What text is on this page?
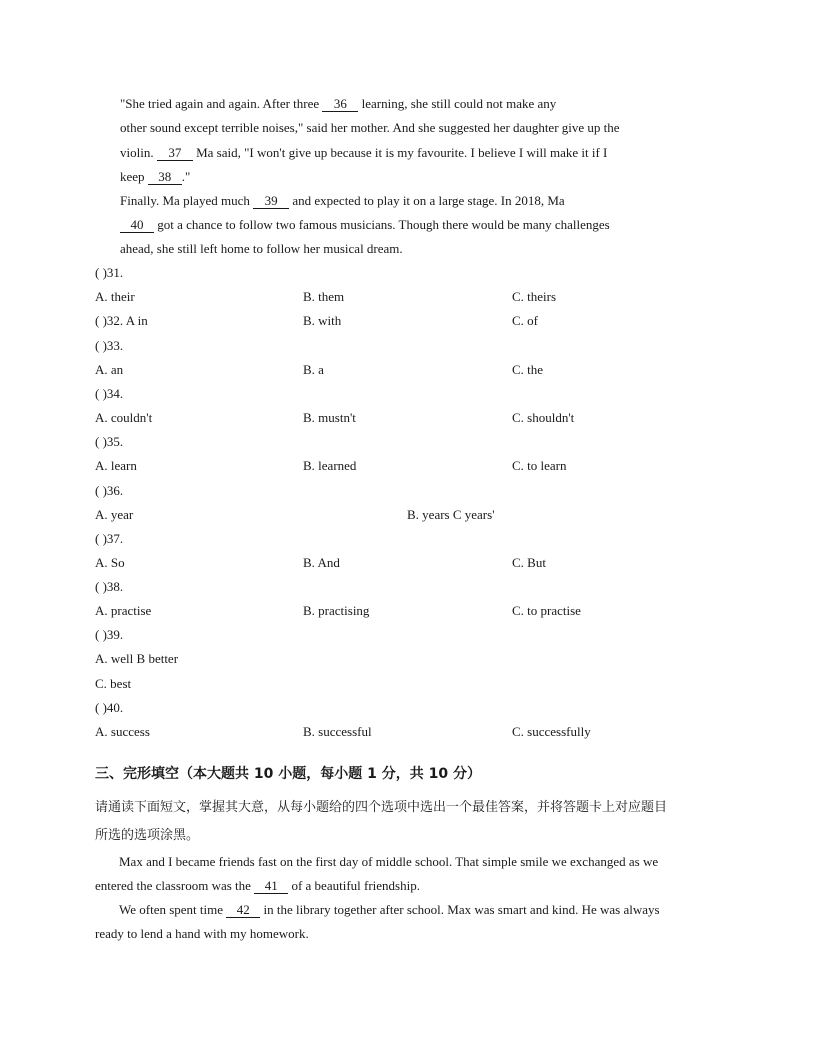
"She tried again and again. After three 36 learning, she still could not make any
other sound except terrible noises," said her mother. And she suggested her daughter give up the
violin. 37 Ma said, "I won't give up because it is my favourite. I believe I will make it if I
keep 38 ."
Finally. Ma played much 39 and expected to play it on a large stage. In 2018, Ma
40 got a chance to follow two famous musicians. Though there would be many challenges
ahead, she still left home to follow her musical dream.
( )31.
A. their	B. them	C. theirs
( )32. A in	B. with	C. of
( )33.
A. an	B. a	C. the
( )34.
A. couldn't	B. mustn't	C. shouldn't
( )35.
A. learn	B. learned	C. to learn
( )36.
A. year	B. years C years'
( )37.
A. So	B. And	C. But
( )38.
A. practise	B. practising	C. to practise
( )39.
A. well B better
C. best
( )40.
A. success	B. successful	C. successfully
三、完形填空（本大题共 10 小题，每小题 1 分，共 10 分）
请通读下面短文，掌握其大意，从每小题给的四个选项中选出一个最佳答案，并将答题卡上对应题目
所选的选项涂黑。
Max and I became friends fast on the first day of middle school. That simple smile we exchanged as we
entered the classroom was the 41 of a beautiful friendship.
We often spent time 42 in the library together after school. Max was smart and kind. He was always
ready to lend a hand with my homework.
